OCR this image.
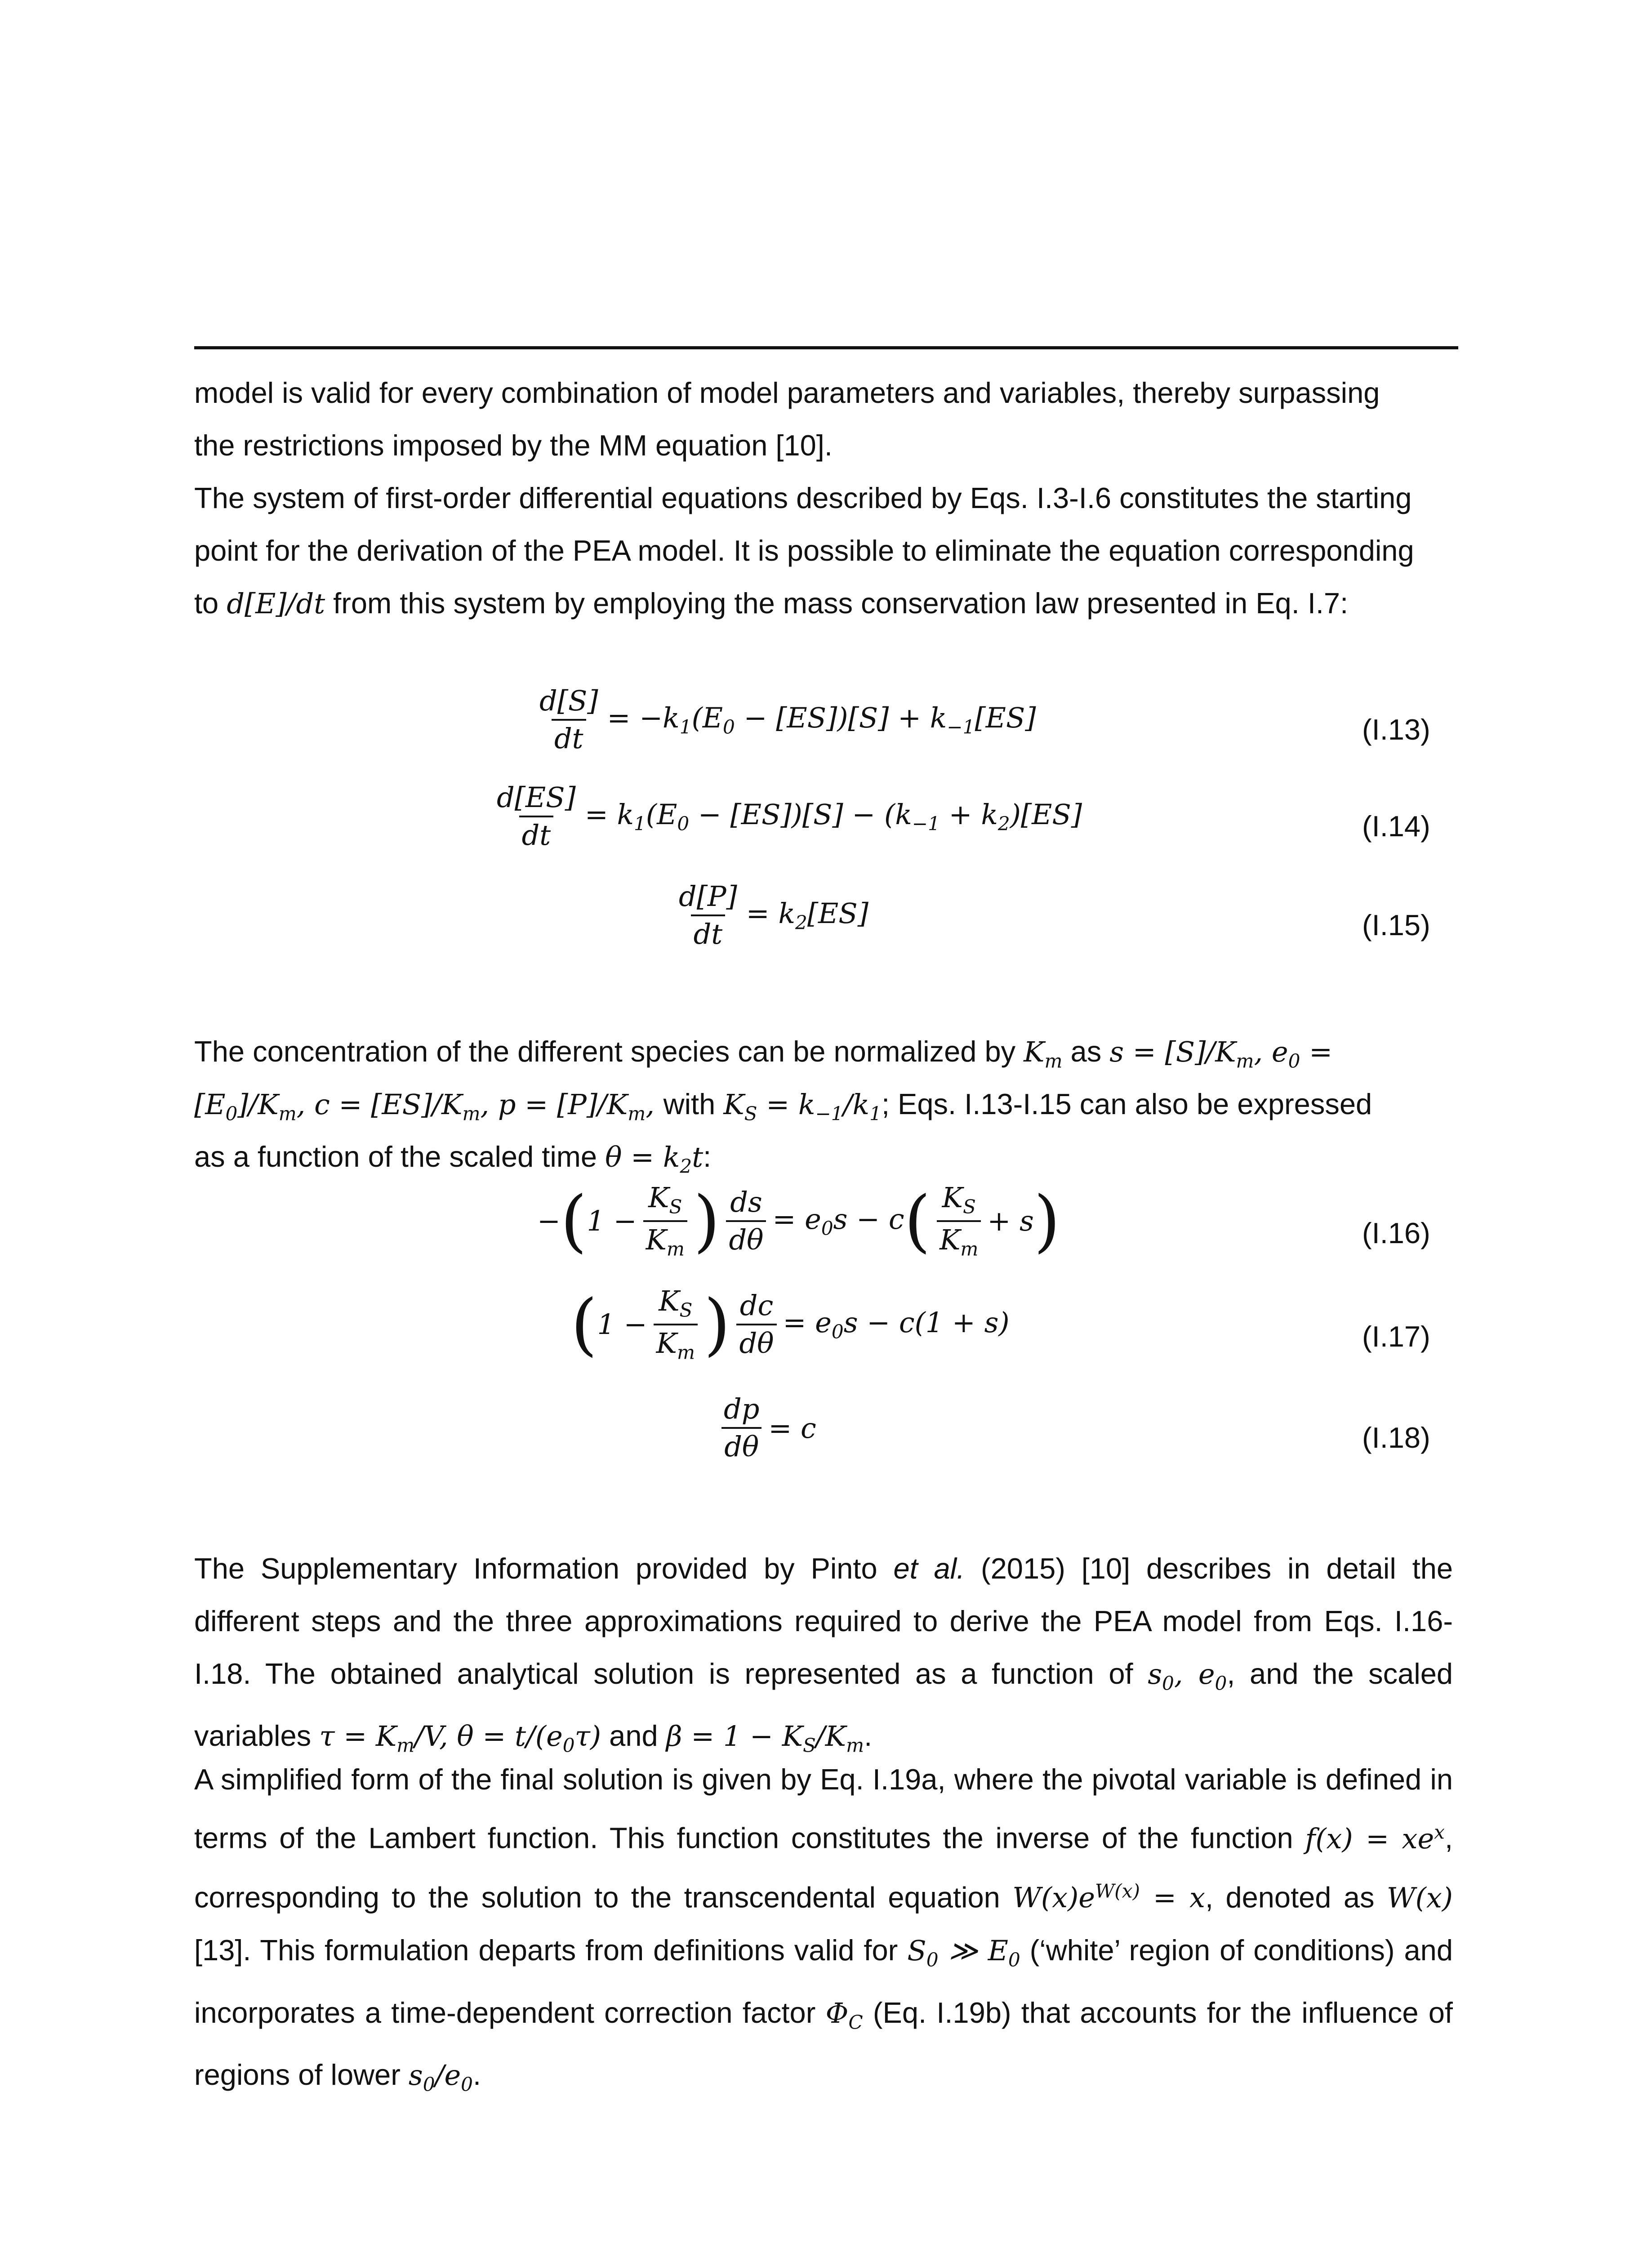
model is valid for every combination of model parameters and variables, thereby surpassing

the restrictions imposed by the MM equation [10].

The system of first-order differential equations described by Eqs. I.3-I.6 constitutes the starting

point for the derivation of the PEA model. It is possible to eliminate the equation corresponding

to d[E]/dt from this system by employing the mass conservation law presented in Eq. I.7:

$\frac{d[S]}{dt} = -k_1(E_0 - [ES])[S] + k_{-1}[ES]$	(I.13)
$\frac{d[ES]}{dt} = k_1(E_0 - [ES])[S] - (k_{-1} + k_2)[ES]$	(I.14)
$\frac{d[P]}{dt} = k_2[ES]$	(I.15)

The concentration of the different species can be normalized by $K_m$ as $s = [S]/K_m$, $e_0$ =

$[E_0]/K_m$, $c = [ES]/K_m$, $p = [P]/K_m$, with $K_S = k_{-1}/k_1$; Eqs. I.13-I.15 can also be expressed

as a function of the scaled time $\theta = k_2t$:

− ( $1 - \frac{K_S}{K_m}$ ) $\frac{ds}{d\theta} = e_0s - c$ ( $\frac{K_S}{K_m} + s$ )	(I.16)
( $1 - \frac{K_S}{K_m}$ ) $\frac{dc}{d\theta} = e_0s - c(1 + s)$	(I.17)
$\frac{dp}{d\theta} = c$	(I.18)

The Supplementary Information provided by Pinto et al. (2015) [10] describes in detail the different steps and the three approximations required to derive the PEA model from Eqs. I.16-I.18. The obtained analytical solution is represented as a function of $s_0$, $e_0$, and the scaled variables $\tau = K_m/V$, $\theta = t/(e_0\tau)$ and $\beta = 1 - K_S/K_m$.

A simplified form of the final solution is given by Eq. I.19a, where the pivotal variable is defined in terms of the Lambert function. This function constitutes the inverse of the function $f(x) = xe^x$, corresponding to the solution to the transcendental equation $W(x)e^{W(x)} = x$, denoted as W(x) [13]. This formulation departs from definitions valid for $S_0$ ≫ $E_0$ (‘white’ region of conditions) and incorporates a time-dependent correction factor $\Phi_C$ (Eq. I.19b) that accounts for the influence of regions of lower $s_0/e_0$.
